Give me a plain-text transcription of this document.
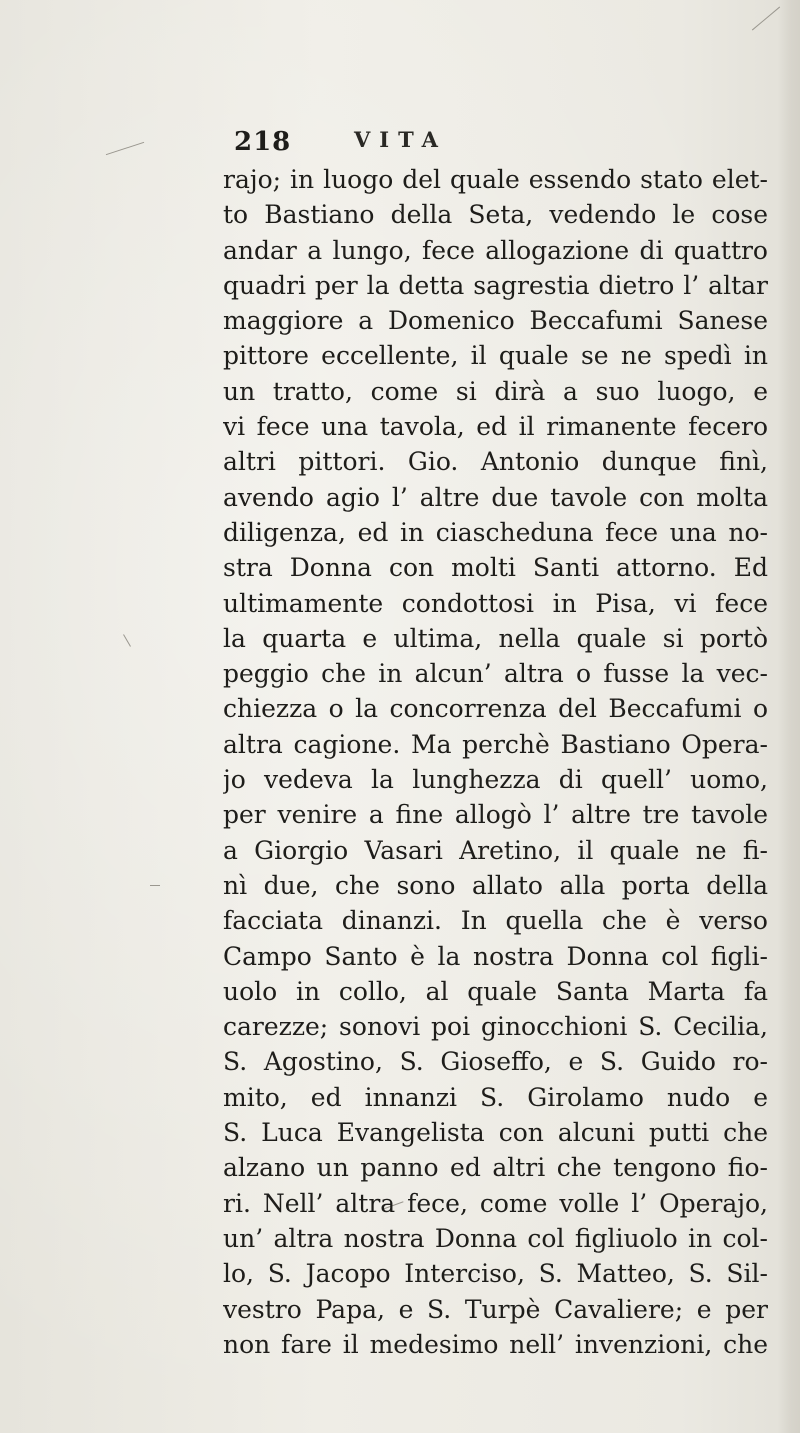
218	VITA
rajo; in luogo del quale essendo stato elet-
to Bastiano della Seta, vedendo le cose
andar a lungo, fece allogazione di quattro
quadri per la detta sagrestia dietro l’ altar
maggiore a Domenico Beccafumi Sanese
pittore eccellente, il quale se ne spedì in
un tratto, come si dirà a suo luogo, e
vi fece una tavola, ed il rimanente fecero
altri pittori. Gio. Antonio dunque finì,
avendo agio l’ altre due tavole con molta
diligenza, ed in ciascheduna fece una no-
stra Donna con molti Santi attorno. Ed
ultimamente condottosi in Pisa, vi fece
la quarta e ultima, nella quale si portò
peggio che in alcun’ altra o fusse la vec-
chiezza o la concorrenza del Beccafumi o
altra cagione. Ma perchè Bastiano Opera-
jo vedeva la lunghezza di quell’ uomo,
per venire a fine allogò l’ altre tre tavole
a Giorgio Vasari Aretino, il quale ne fi-
nì due, che sono allato alla porta della
facciata dinanzi. In quella che è verso
Campo Santo è la nostra Donna col figli-
uolo in collo, al quale Santa Marta fa
carezze; sonovi poi ginocchioni S. Cecilia,
S. Agostino, S. Gioseffo, e S. Guido ro-
mito, ed innanzi S. Girolamo nudo e
S. Luca Evangelista con alcuni putti che
alzano un panno ed altri che tengono fio-
ri. Nell’ altra fece, come volle l’ Operajo,
un’ altra nostra Donna col figliuolo in col-
lo, S. Jacopo Interciso, S. Matteo, S. Sil-
vestro Papa, e S. Turpè Cavaliere; e per
non fare il medesimo nell’ invenzioni, che
